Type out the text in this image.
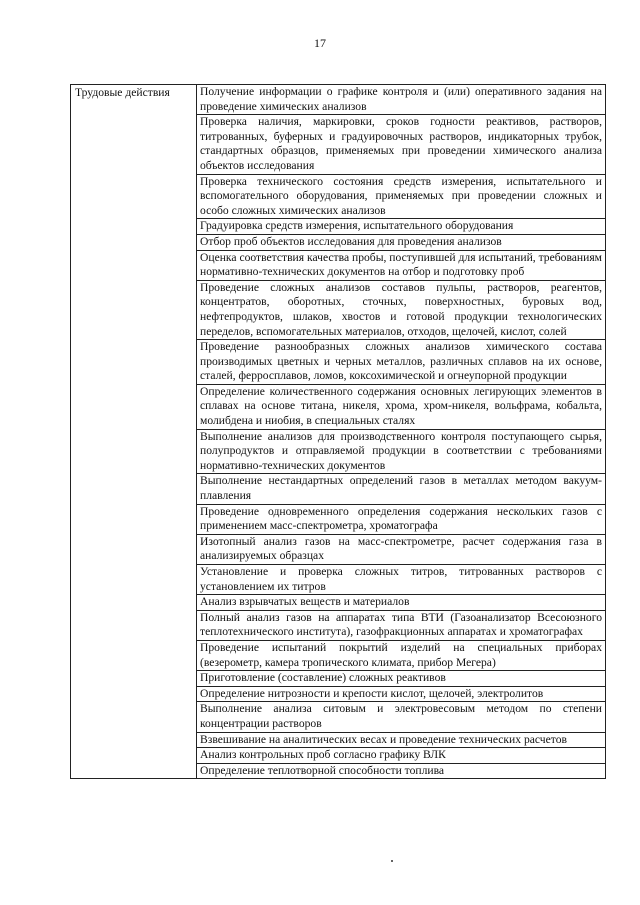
17
Трудовые действия	Получение информации о графике контроля и (или) оперативного задания на проведение химических анализов
Проверка наличия, маркировки, сроков годности реактивов, растворов, титрованных, буферных и градуировочных растворов, индикаторных трубок, стандартных образцов, применяемых при проведении химического анализа объектов исследования
Проверка технического состояния средств измерения, испытательного и вспомогательного оборудования, применяемых при проведении сложных и особо сложных химических анализов
Градуировка средств измерения, испытательного оборудования
Отбор проб объектов исследования для проведения анализов
Оценка соответствия качества пробы, поступившей для испытаний, требованиям нормативно-технических документов на отбор и подготовку проб
Проведение сложных анализов составов пульпы, растворов, реагентов, концентратов, оборотных, сточных, поверхностных, буровых вод, нефтепродуктов, шлаков, хвостов и готовой продукции технологических переделов, вспомогательных материалов, отходов, щелочей, кислот, солей
Проведение разнообразных сложных анализов химического состава производимых цветных и черных металлов, различных сплавов на их основе, сталей, ферросплавов, ломов, коксохимической и огнеупорной продукции
Определение количественного содержания основных легирующих элементов в сплавах на основе титана, никеля, хрома, хром-никеля, вольфрама, кобальта, молибдена и ниобия, в специальных сталях
Выполнение анализов для производственного контроля поступающего сырья, полупродуктов и отправляемой продукции в соответствии с требованиями нормативно-технических документов
Выполнение нестандартных определений газов в металлах методом вакуум-плавления
Проведение одновременного определения содержания нескольких газов с применением масс-спектрометра, хроматографа
Изотопный анализ газов на масс-спектрометре, расчет содержания газа в анализируемых образцах
Установление и проверка сложных титров, титрованных растворов с установлением их титров
Анализ взрывчатых веществ и материалов
Полный анализ газов на аппаратах типа ВТИ (Газоанализатор Всесоюзного теплотехнического института), газофракционных аппаратах и хроматографах
Проведение испытаний покрытий изделий на специальных приборах (везерометр, камера тропического климата, прибор Мегера)
Приготовление (составление) сложных реактивов
Определение нитрозности и крепости кислот, щелочей, электролитов
Выполнение анализа ситовым и электровесовым методом по степени концентрации растворов
Взвешивание на аналитических весах и проведение технических расчетов
Анализ контрольных проб согласно графику ВЛК
Определение теплотворной способности топлива
